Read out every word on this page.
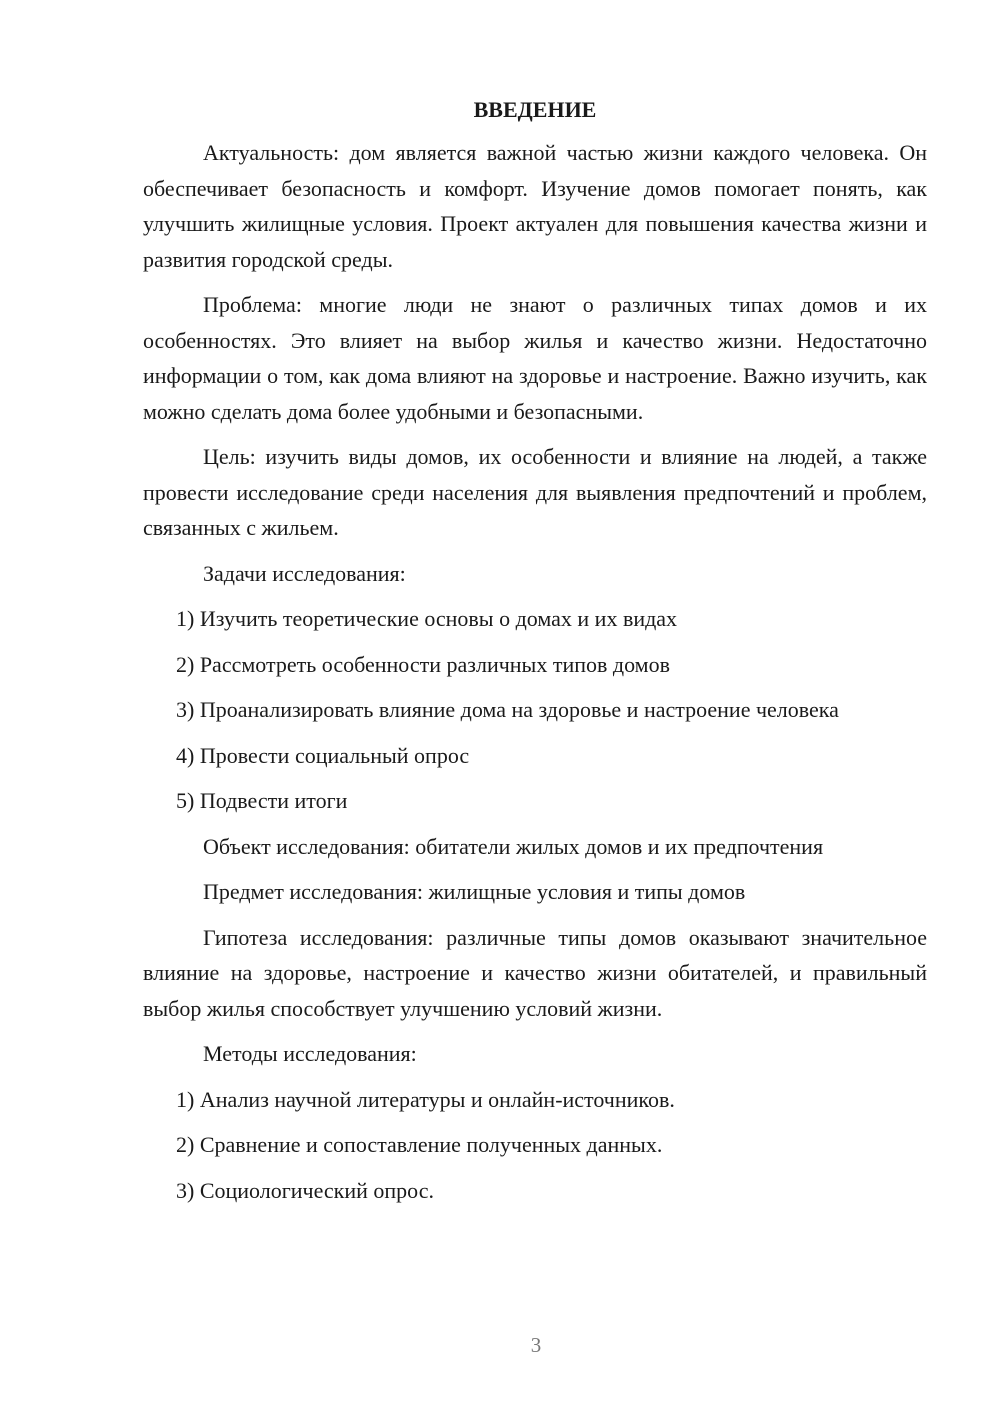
ВВЕДЕНИЕ

Актуальность: дом является важной частью жизни каждого человека. Он обеспечивает безопасность и комфорт. Изучение домов помогает понять, как улучшить жилищные условия. Проект актуален для повышения качества жизни и развития городской среды.

Проблема: многие люди не знают о различных типах домов и их особенностях. Это влияет на выбор жилья и качество жизни. Недостаточно информации о том, как дома влияют на здоровье и настроение. Важно изучить, как можно сделать дома более удобными и безопасными.

Цель: изучить виды домов, их особенности и влияние на людей, а также провести исследование среди населения для выявления предпочтений и проблем, связанных с жильем.

Задачи исследования:

1) Изучить теоретические основы о домах и их видах
2) Рассмотреть особенности различных типов домов
3) Проанализировать влияние дома на здоровье и настроение человека
4) Провести социальный опрос
5) Подвести итоги

Объект исследования: обитатели жилых домов и их предпочтения

Предмет исследования: жилищные условия и типы домов

Гипотеза исследования: различные типы домов оказывают значительное влияние на здоровье, настроение и качество жизни обитателей, и правильный выбор жилья способствует улучшению условий жизни.

Методы исследования:

1) Анализ научной литературы и онлайн-источников.
2) Сравнение и сопоставление полученных данных.
3) Социологический опрос.
3
